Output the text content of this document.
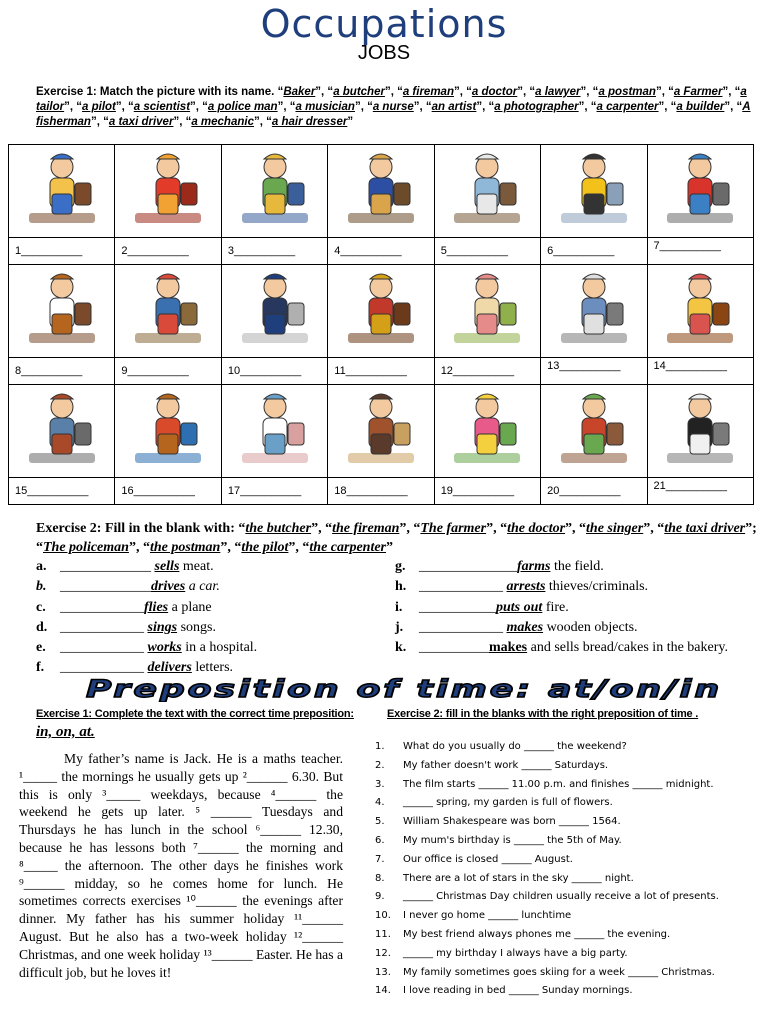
Occupations
JOBS
Exercise 1: Match the picture with its name. “Baker”, “a butcher”, “a fireman”, “a doctor”, “a lawyer”, “a postman”, “a Farmer”, “a tailor”, “a pilot”, “a scientist”, “a police man”, “a musician”, “a nurse”, “an artist”, “a photographer”, “a carpenter”, “a builder”, “A fisherman”, “a taxi driver”, “a mechanic”, “a hair dresser”

1__________	2__________	3__________	4__________	5__________	6__________	7__________

8__________	9__________	10__________	11__________	12__________	13__________	14__________

15__________	16__________	17__________	18__________	19__________	20__________	21__________
Exercise 2: Fill in the blank with: “the butcher”, “the fireman”, “The farmer”, “the doctor”, “the singer”, “the taxi driver”; “The policeman”, “the postman”, “the pilot”, “the carpenter”
a. _____________ sells meat.
b. _____________drives a car.
c. ____________flies a plane
d. ____________ sings songs.
e. ____________ works in a hospital.
f. ____________ delivers letters.
g. ______________farms the field.
h. ____________ arrests thieves/criminals.
i. ___________puts out fire.
j. ____________ makes wooden objects.
k. __________makes and sells bread/cakes in the bakery.
Preposition of time: at/on/in
Exercise 1: Complete the text with the correct time preposition:
in, on, at.

My father’s name is Jack. He is a maths teacher. ¹_____ the mornings he usually gets up ²______ 6.30. But this is only ³_____ weekdays, because ⁴______ the weekend he gets up later. ⁵ ______ Tuesdays and Thursdays he has lunch in the school ⁶______ 12.30, because he has lessons both ⁷______ the morning and ⁸_____ the afternoon. The other days he finishes work ⁹______ midday, so he comes home for lunch. He sometimes corrects exercises ¹⁰______ the evenings after dinner. My father has his summer holiday ¹¹______ August. But he also has a two-week holiday ¹²______ Christmas, and one week holiday ¹³______ Easter. He has a difficult job, but he loves it!

Exercise 2: fill in the blanks with the right preposition of time .
1. What do you usually do ______ the weekend?
2. My father doesn't work ______ Saturdays.
3. The film starts ______ 11.00 p.m. and finishes ______ midnight.
4. ______ spring, my garden is full of flowers.
5. William Shakespeare was born ______ 1564.
6. My mum's birthday is ______ the 5th of May.
7. Our office is closed ______ August.
8. There are a lot of stars in the sky ______ night.
9. ______ Christmas Day children usually receive a lot of presents.
10. I never go home ______ lunchtime
11. My best friend always phones me ______ the evening.
12. ______ my birthday I always have a big party.
13. My family sometimes goes skiing for a week ______ Christmas.
14. I love reading in bed ______ Sunday mornings.
